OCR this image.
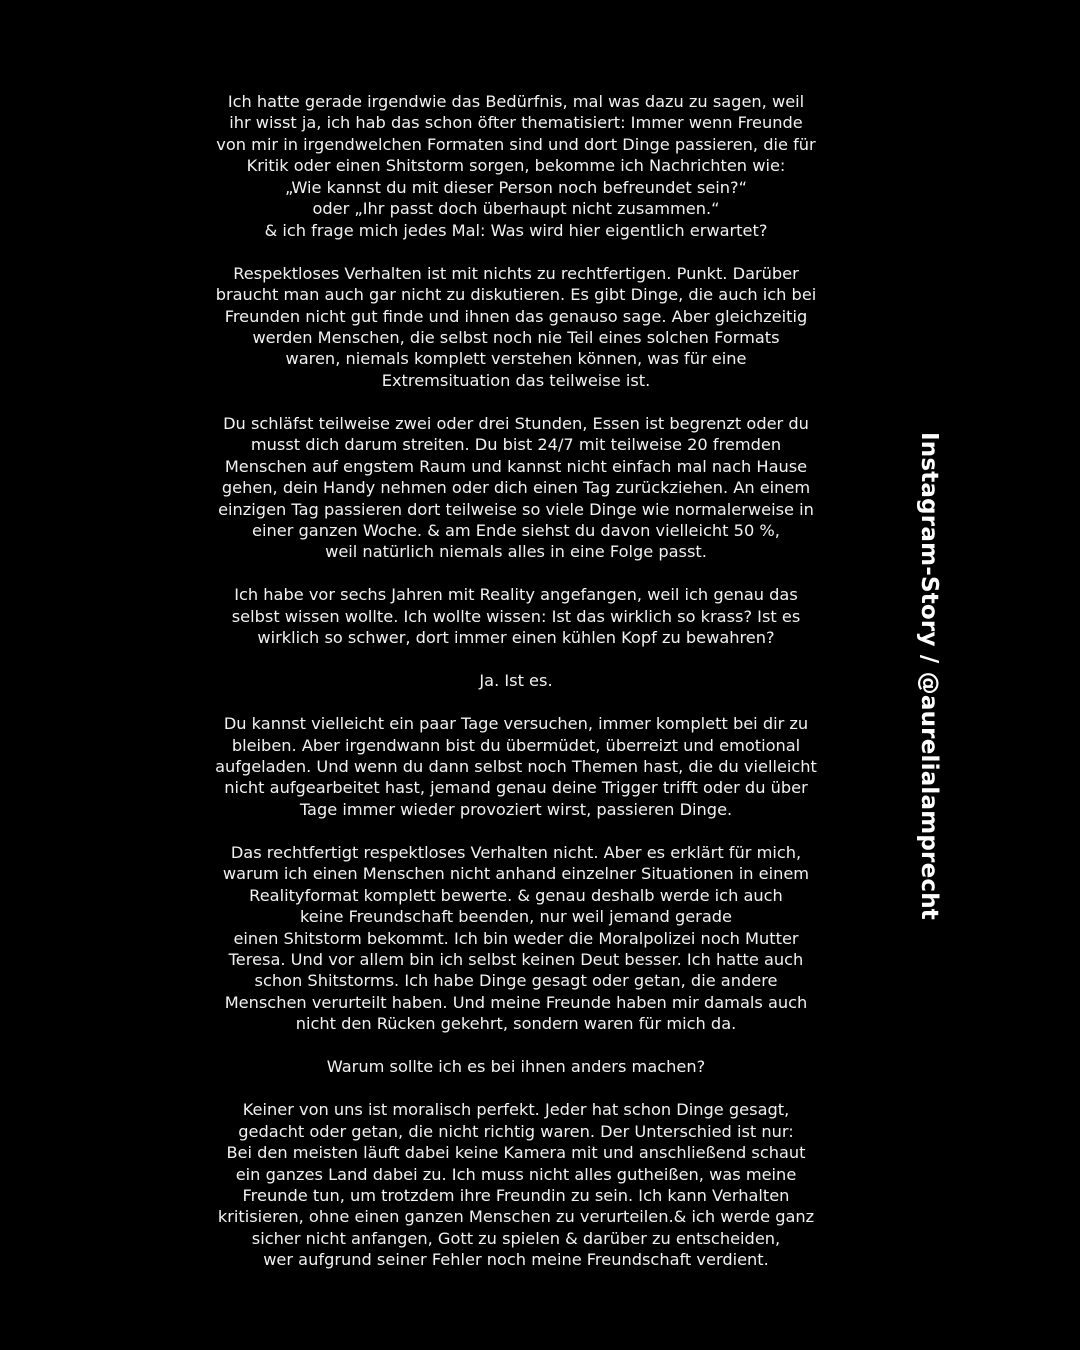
Ich hatte gerade irgendwie das Bedürfnis, mal was dazu zu sagen, weil
ihr wisst ja, ich hab das schon öfter thematisiert: Immer wenn Freunde
von mir in irgendwelchen Formaten sind und dort Dinge passieren, die für
Kritik oder einen Shitstorm sorgen, bekomme ich Nachrichten wie:
„Wie kannst du mit dieser Person noch befreundet sein?“
oder „Ihr passt doch überhaupt nicht zusammen.“
& ich frage mich jedes Mal: Was wird hier eigentlich erwartet?

Respektloses Verhalten ist mit nichts zu rechtfertigen. Punkt. Darüber
braucht man auch gar nicht zu diskutieren. Es gibt Dinge, die auch ich bei
Freunden nicht gut finde und ihnen das genauso sage. Aber gleichzeitig
werden Menschen, die selbst noch nie Teil eines solchen Formats
waren, niemals komplett verstehen können, was für eine
Extremsituation das teilweise ist.

Du schläfst teilweise zwei oder drei Stunden, Essen ist begrenzt oder du
musst dich darum streiten. Du bist 24/7 mit teilweise 20 fremden
Menschen auf engstem Raum und kannst nicht einfach mal nach Hause
gehen, dein Handy nehmen oder dich einen Tag zurückziehen. An einem
einzigen Tag passieren dort teilweise so viele Dinge wie normalerweise in
einer ganzen Woche. & am Ende siehst du davon vielleicht 50 %,
weil natürlich niemals alles in eine Folge passt.

Ich habe vor sechs Jahren mit Reality angefangen, weil ich genau das
selbst wissen wollte. Ich wollte wissen: Ist das wirklich so krass? Ist es
wirklich so schwer, dort immer einen kühlen Kopf zu bewahren?

Ja. Ist es.

Du kannst vielleicht ein paar Tage versuchen, immer komplett bei dir zu
bleiben. Aber irgendwann bist du übermüdet, überreizt und emotional
aufgeladen. Und wenn du dann selbst noch Themen hast, die du vielleicht
nicht aufgearbeitet hast, jemand genau deine Trigger trifft oder du über
Tage immer wieder provoziert wirst, passieren Dinge.

Das rechtfertigt respektloses Verhalten nicht. Aber es erklärt für mich,
warum ich einen Menschen nicht anhand einzelner Situationen in einem
Realityformat komplett bewerte. & genau deshalb werde ich auch
keine Freundschaft beenden, nur weil jemand gerade
einen Shitstorm bekommt. Ich bin weder die Moralpolizei noch Mutter
Teresa. Und vor allem bin ich selbst keinen Deut besser. Ich hatte auch
schon Shitstorms. Ich habe Dinge gesagt oder getan, die andere
Menschen verurteilt haben. Und meine Freunde haben mir damals auch
nicht den Rücken gekehrt, sondern waren für mich da.

Warum sollte ich es bei ihnen anders machen?

Keiner von uns ist moralisch perfekt. Jeder hat schon Dinge gesagt,
gedacht oder getan, die nicht richtig waren. Der Unterschied ist nur:
Bei den meisten läuft dabei keine Kamera mit und anschließend schaut
ein ganzes Land dabei zu. Ich muss nicht alles gutheißen, was meine
Freunde tun, um trotzdem ihre Freundin zu sein. Ich kann Verhalten
kritisieren, ohne einen ganzen Menschen zu verurteilen.& ich werde ganz
sicher nicht anfangen, Gott zu spielen & darüber zu entscheiden,
wer aufgrund seiner Fehler noch meine Freundschaft verdient.

Instagram-Story / @aurelialamprecht
